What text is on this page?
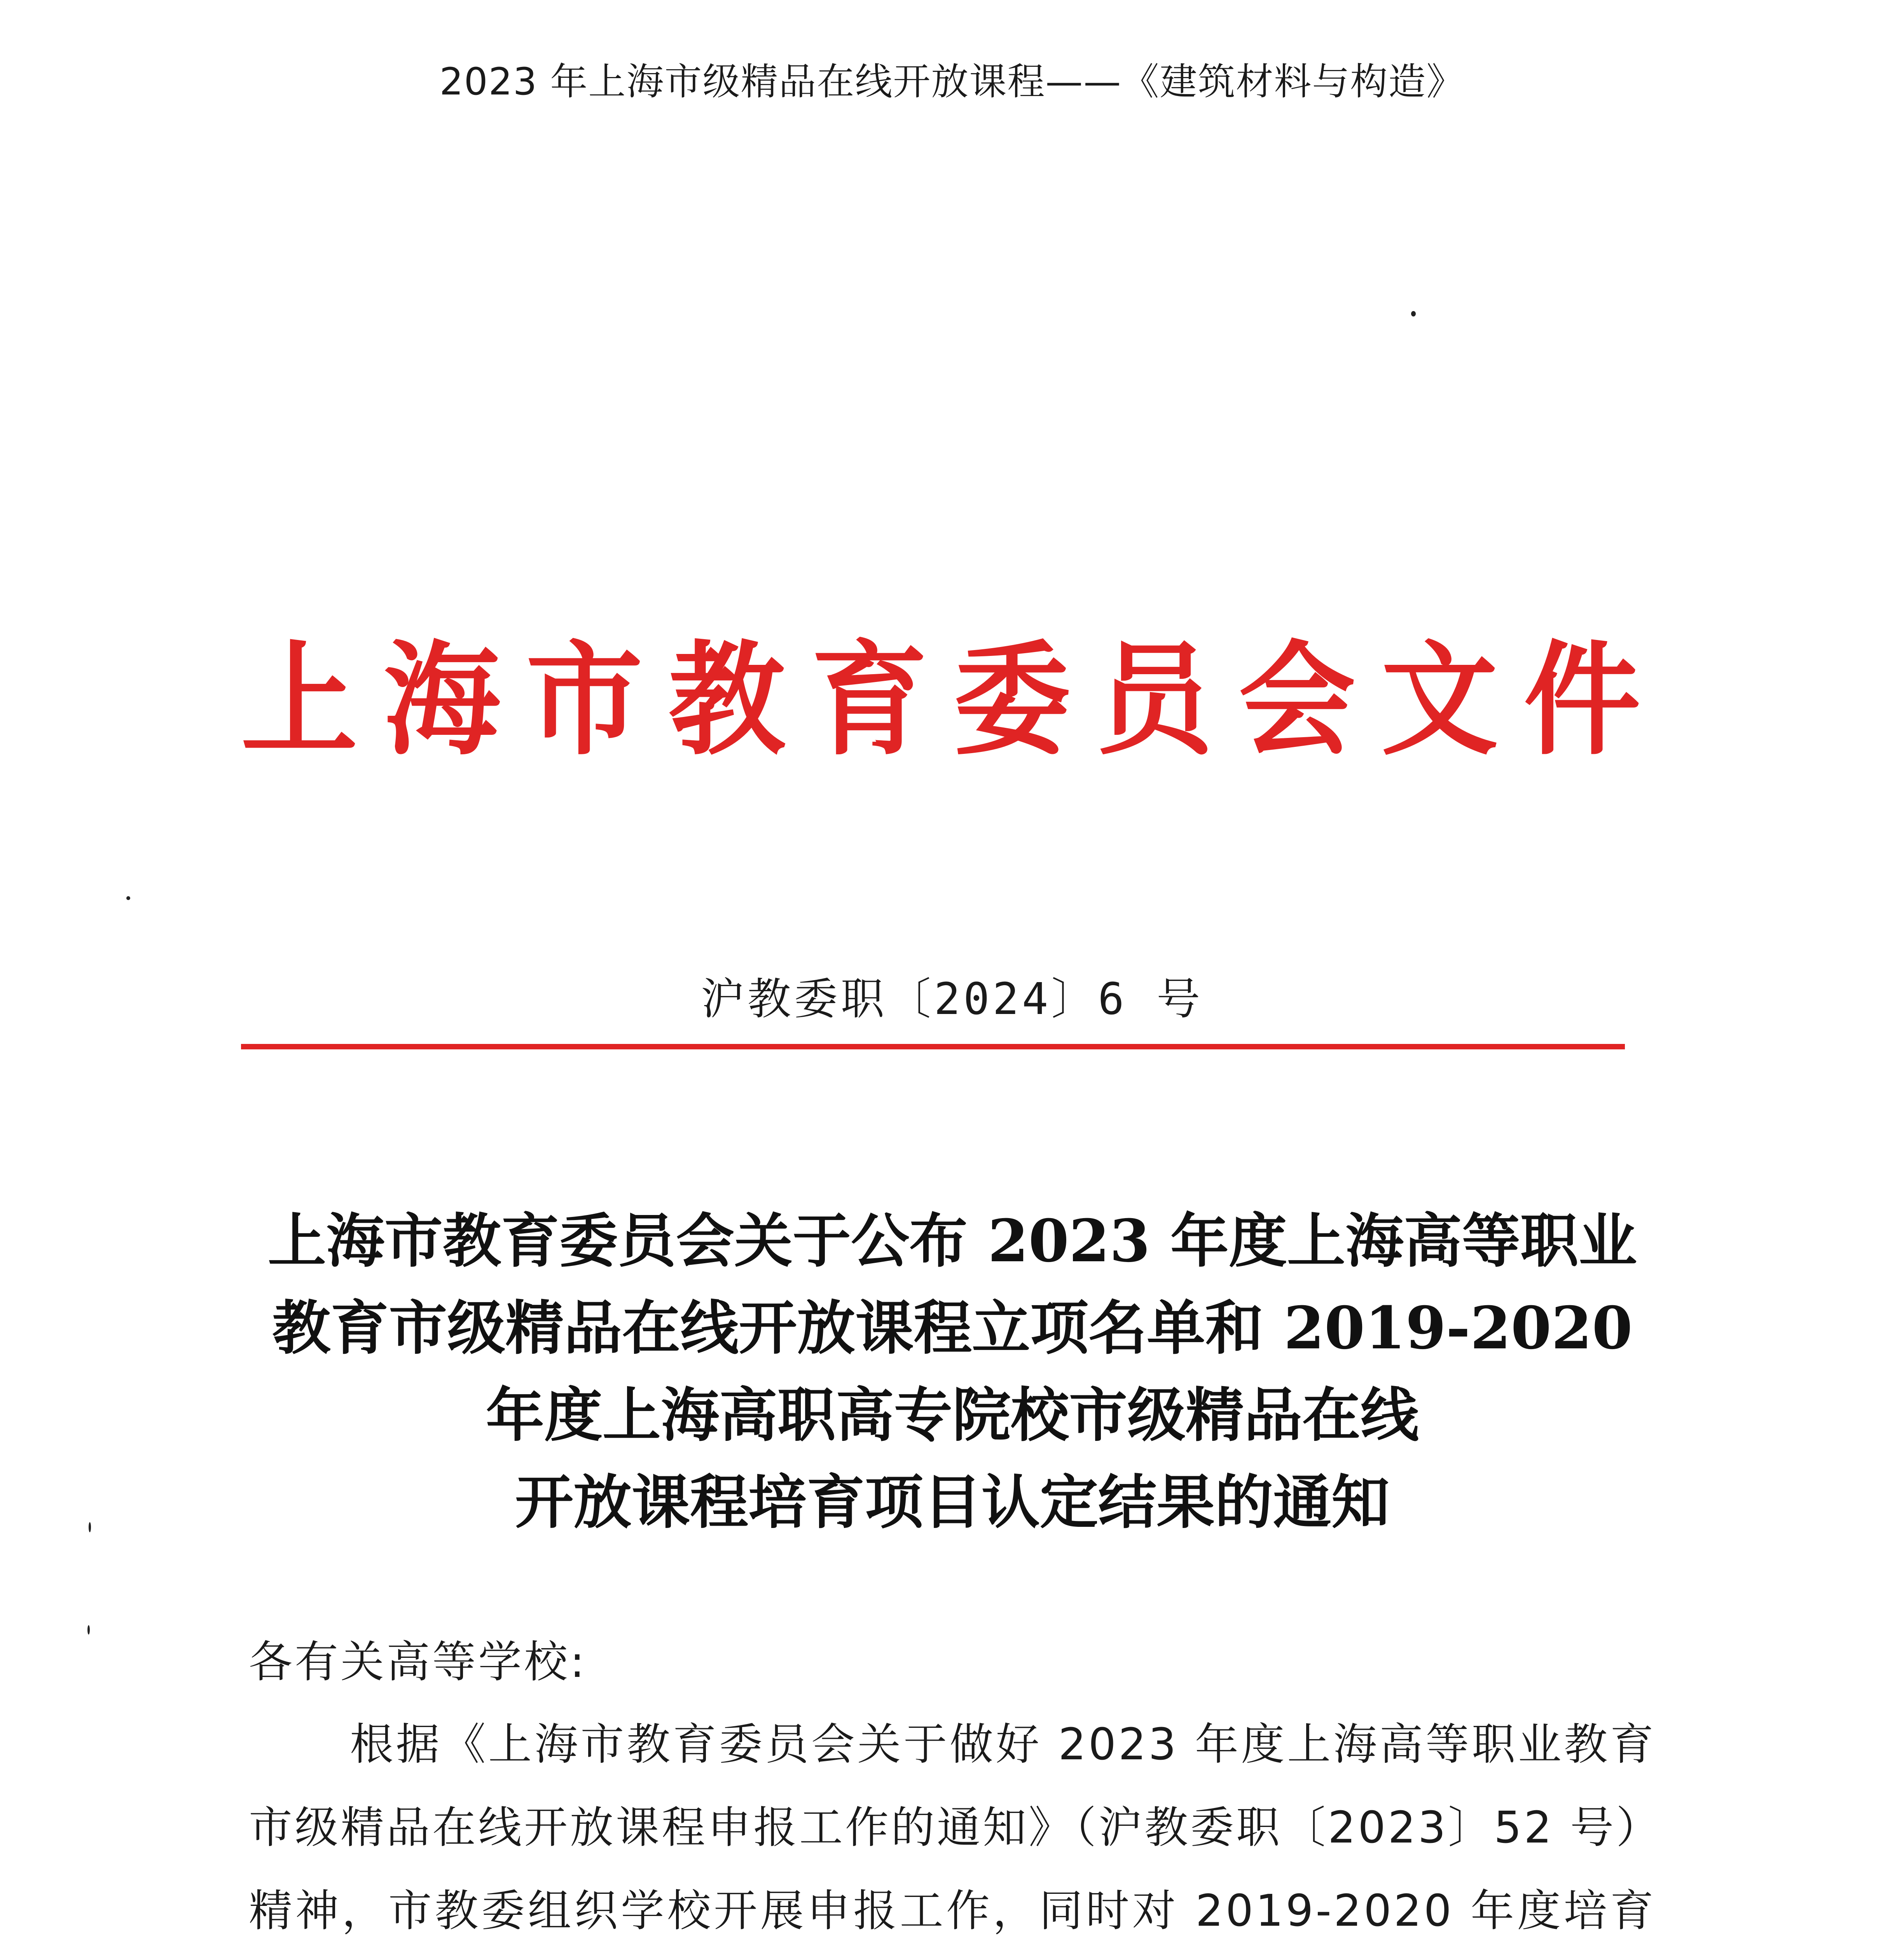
2023 年上海市级精品在线开放课程——《建筑材料与构造》
上 海 市 教 育 委 员 会 文 件
沪教委职〔2024〕6 号
上海市教育委员会关于公布 2023 年度上海高等职业
教育市级精品在线开放课程立项名单和 2019-2020
年度上海高职高专院校市级精品在线
开放课程培育项目认定结果的通知
各有关高等学校:
根据《上海市教育委员会关于做好 2023 年度上海高等职业教育
市级精品在线开放课程申报工作的通知》（沪教委职〔2023〕52 号）
精神，市教委组织学校开展申报工作，同时对 2019-2020 年度培育
